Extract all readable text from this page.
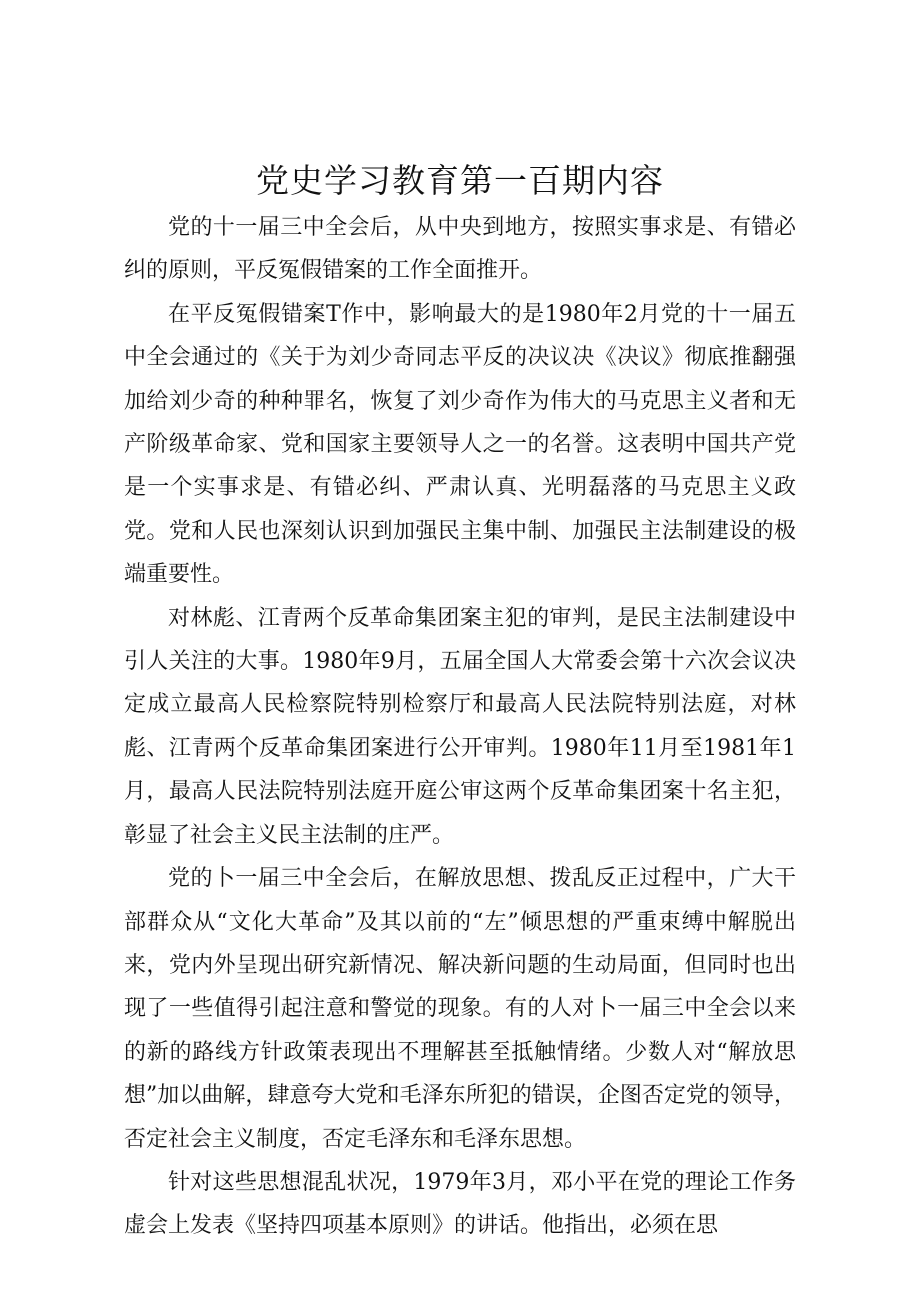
党史学习教育第一百期内容

党的十一届三中全会后，从中央到地方，按照实事求是、有错必纠的原则，平反冤假错案的工作全面推开。

在平反冤假错案T作中，影响最大的是1980年2月党的十一届五中全会通过的《关于为刘少奇同志平反的决议决《决议》彻底推翻强加给刘少奇的种种罪名，恢复了刘少奇作为伟大的马克思主义者和无产阶级革命家、党和国家主要领导人之一的名誉。这表明中国共产党是一个实事求是、有错必纠、严肃认真、光明磊落的马克思主义政党。党和人民也深刻认识到加强民主集中制、加强民主法制建设的极端重要性。

对林彪、江青两个反革命集团案主犯的审判，是民主法制建设中引人关注的大事。1980年9月，五届全国人大常委会第十六次会议决定成立最高人民检察院特别检察厅和最高人民法院特别法庭，对林彪、江青两个反革命集团案进行公开审判。1980年11月至1981年1月，最高人民法院特别法庭开庭公审这两个反革命集团案十名主犯，彰显了社会主义民主法制的庄严。

党的卜一届三中全会后，在解放思想、拨乱反正过程中，广大干部群众从“文化大革命”及其以前的“左”倾思想的严重束缚中解脱出来，党内外呈现出研究新情况、解决新问题的生动局面，但同时也出现了一些值得引起注意和警觉的现象。有的人对卜一届三中全会以来的新的路线方针政策表现出不理解甚至抵触情绪。少数人对“解放思想”加以曲解，肆意夸大党和毛泽东所犯的错误，企图否定党的领导，否定社会主义制度，否定毛泽东和毛泽东思想。

针对这些思想混乱状况，1979年3月，邓小平在党的理论工作务虚会上发表《坚持四项基本原则》的讲话。他指出，必须在思
